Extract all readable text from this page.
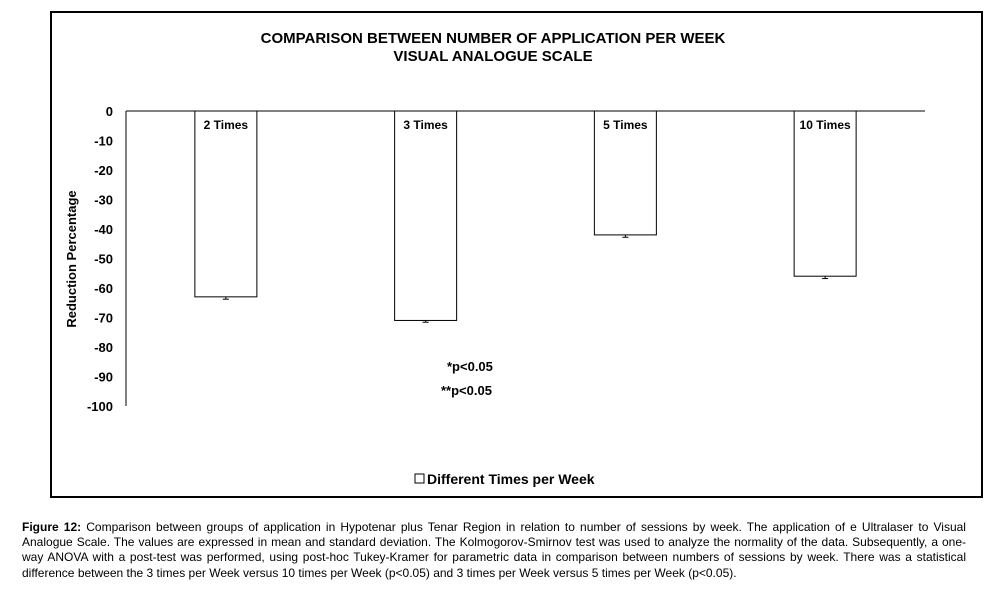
COMPARISON BETWEEN NUMBER OF APPLICATION PER WEEK
VISUAL ANALOGUE SCALE
Reduction Percentage
0
-10
-20
-30
-40
-50
-60
-70
-80
-90
-100
2 Times	3 Times	5 Times	10 Times
*p<0.05
**p<0.05
Different Times per Week

Figure 12: Comparison between groups of application in Hypotenar plus Tenar Region in relation to number of sessions by week. The application of e Ultralaser to Visual Analogue Scale. The values are expressed in mean and standard deviation. The Kolmogorov-Smirnov test was used to analyze the normality of the data. Subsequently, a one-way ANOVA with a post-test was performed, using post-hoc Tukey-Kramer for parametric data in comparison between numbers of sessions by week. There was a statistical difference between the 3 times per Week versus 10 times per Week (p<0.05) and 3 times per Week versus 5 times per Week (p<0.05).
